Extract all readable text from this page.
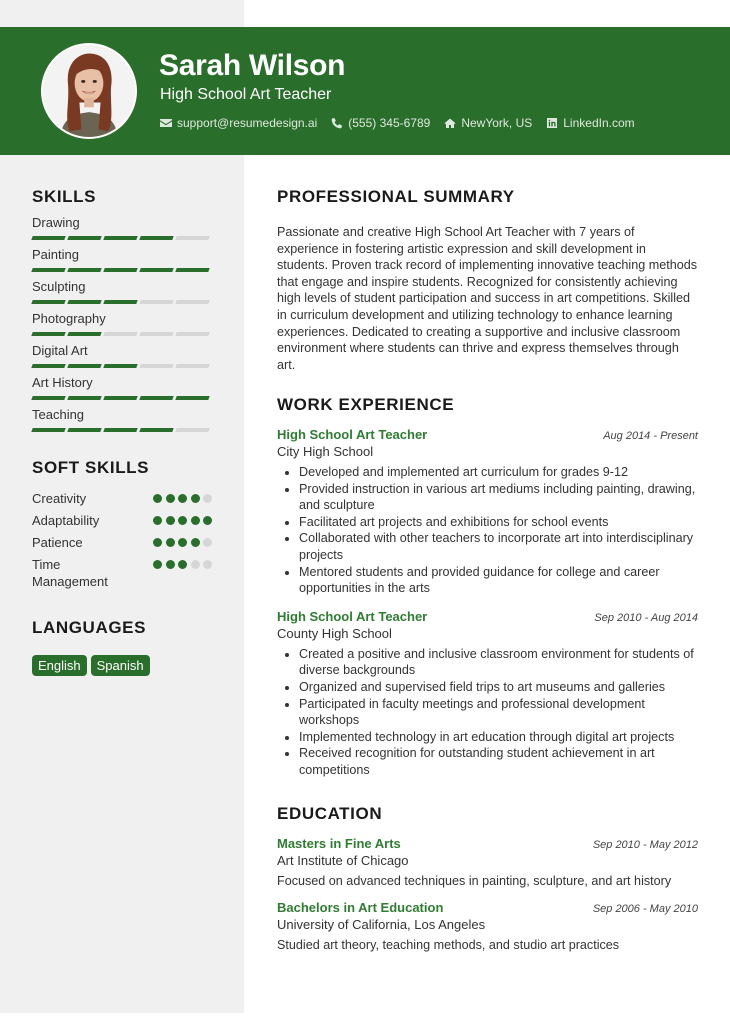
Sarah Wilson
High School Art Teacher
support@resumedesign.ai	(555) 345-6789	NewYork, US	LinkedIn.com
SKILLS
Drawing
Painting
Sculpting
Photography
Digital Art
Art History
Teaching
SOFT SKILLS
Creativity
Adaptability
Patience
Time Management
LANGUAGES
English	Spanish
PROFESSIONAL SUMMARY
Passionate and creative High School Art Teacher with 7 years of experience in fostering artistic expression and skill development in students. Proven track record of implementing innovative teaching methods that engage and inspire students. Recognized for consistently achieving high levels of student participation and success in art competitions. Skilled in curriculum development and utilizing technology to enhance learning experiences. Dedicated to creating a supportive and inclusive classroom environment where students can thrive and express themselves through art.
WORK EXPERIENCE
High School Art Teacher	Aug 2014 - Present
City High School
• Developed and implemented art curriculum for grades 9-12
• Provided instruction in various art mediums including painting, drawing, and sculpture
• Facilitated art projects and exhibitions for school events
• Collaborated with other teachers to incorporate art into interdisciplinary projects
• Mentored students and provided guidance for college and career opportunities in the arts
High School Art Teacher	Sep 2010 - Aug 2014
County High School
• Created a positive and inclusive classroom environment for students of diverse backgrounds
• Organized and supervised field trips to art museums and galleries
• Participated in faculty meetings and professional development workshops
• Implemented technology in art education through digital art projects
• Received recognition for outstanding student achievement in art competitions
EDUCATION
Masters in Fine Arts	Sep 2010 - May 2012
Art Institute of Chicago
Focused on advanced techniques in painting, sculpture, and art history
Bachelors in Art Education	Sep 2006 - May 2010
University of California, Los Angeles
Studied art theory, teaching methods, and studio art practices
